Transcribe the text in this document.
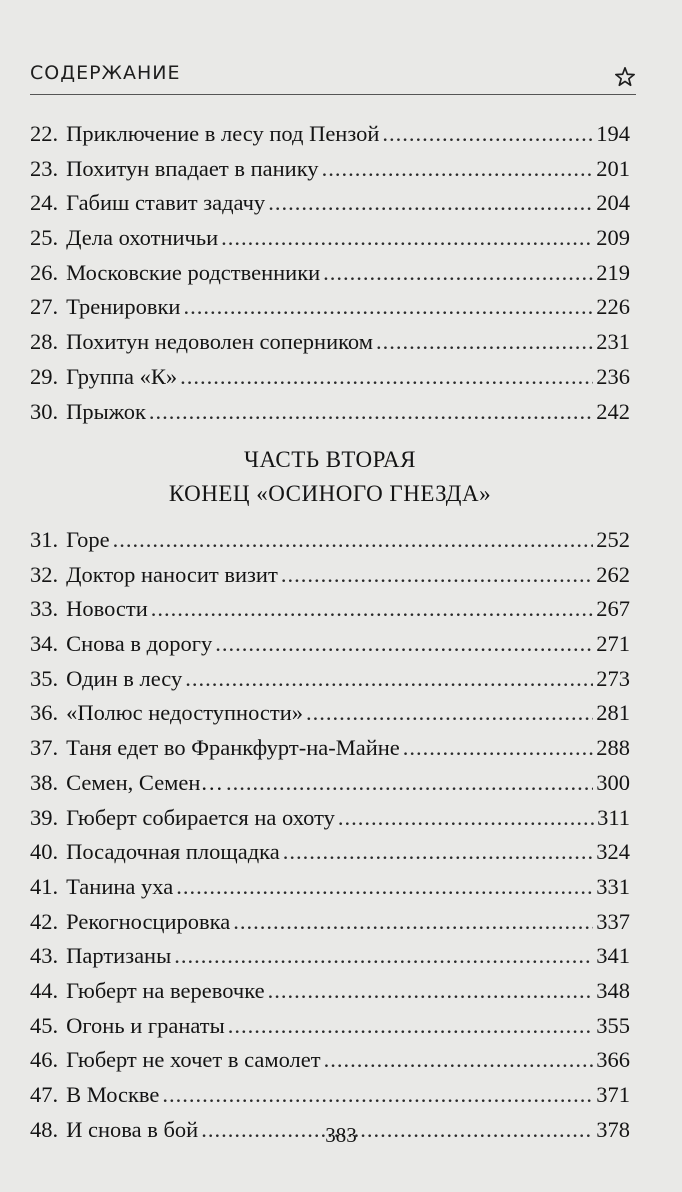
СОДЕРЖАНИЕ
22. Приключение в лесу под Пензой .....	194
23. Похитун впадает в панику .....	201
24. Габиш ставит задачу .....	204
25. Дела охотничьи .....	209
26. Московские родственники .....	219
27. Тренировки .....	226
28. Похитун недоволен соперником .....	231
29. Группа «К» .....	236
30. Прыжок .....	242
ЧАСТЬ ВТОРАЯ
КОНЕЦ «ОСИНОГО ГНЕЗДА»
31. Горе .....	252
32. Доктор наносит визит .....	262
33. Новости .....	267
34. Снова в дорогу .....	271
35. Один в лесу .....	273
36. «Полюс недоступности» .....	281
37. Таня едет во Франкфурт-на-Майне .....	288
38. Семен, Семен… .....	300
39. Гюберт собирается на охоту .....	311
40. Посадочная площадка .....	324
41. Танина уха .....	331
42. Рекогносцировка .....	337
43. Партизаны .....	341
44. Гюберт на веревочке .....	348
45. Огонь и гранаты .....	355
46. Гюберт не хочет в самолет .....	366
47. В Москве .....	371
48. И снова в бой .....	378
383
